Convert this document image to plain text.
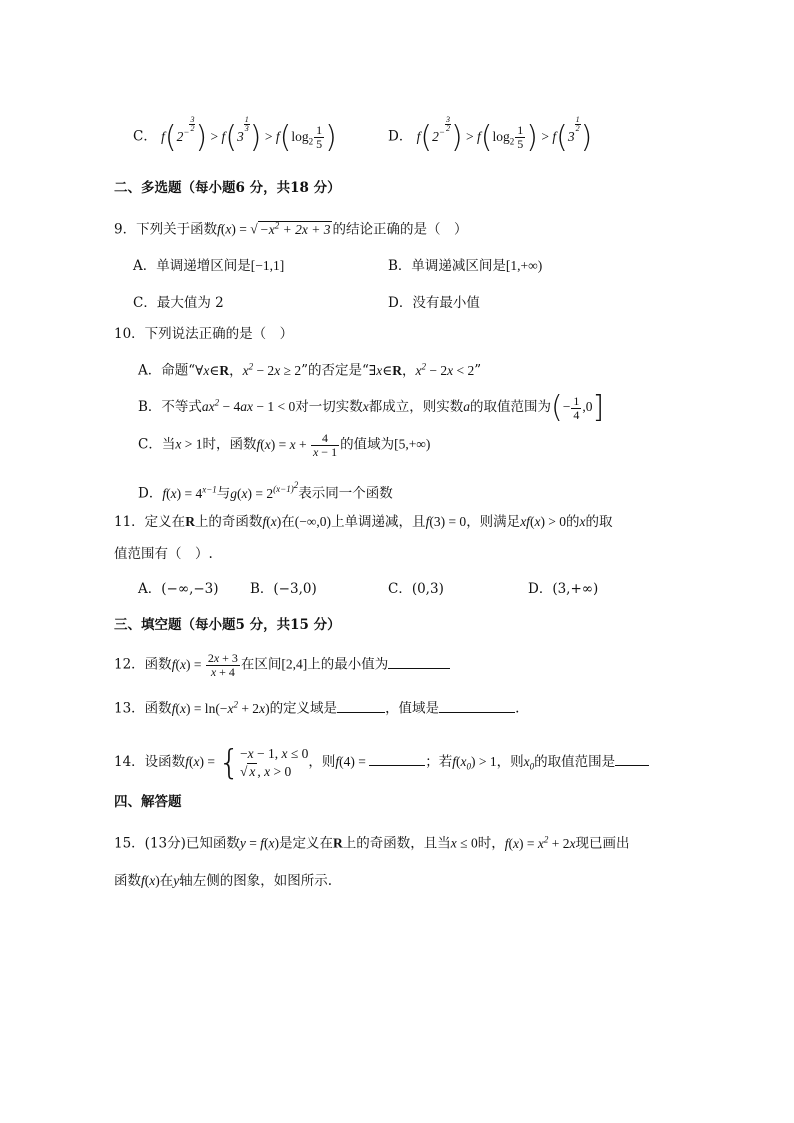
C． $f(2^{- \frac{3}{2}}$ ) > f(3
$^{\frac{1}{3}}$ ) > $f(\log_2 \frac{1}{5}$ )	D． $f(2^{- \frac{3}{2}}$ ) > $f(\log_2 \frac{1}{5}$ ) > f(3
$^{\frac{1}{2}}$ )
二、多选题（每小题6 分，共18 分）
9．下列关于函数f(x) = √ $-x^2 + 2x + 3$ 的结论正确的是（　）
A．单调递增区间是[−1,1]	B．单调递减区间是[1,+∞)
C．最大值为 2	D．没有最小值
10．下列说法正确的是（　）
A．命题“∀x∈R，$x^2 - 2x \ge 2$”的否定是“∃x∈R，$x^2 - 2x < 2$”
B．不等式$ax^2 - 4ax - 1 < 0$对一切实数x都成立，则实数a的取值范围为(− $\frac{1}{4} ,0$]
C．当x > 1时，函数$f(x) = x + \frac{4}{x - 1}$ 的值域为[5,+∞)
D．$f(x) = 4^{x-1}$与$g(x) = 2^{(x-1)^2}$表示同一个函数
11．定义在R上的奇函数f(x)在(−∞,0)上单调递减，且f(3) = 0，则满足xf(x) > 0的x的取
值范围有（　）.
A．(−∞,−3) B．(−3,0)	C．(0,3)	D．(3,+∞)
三、填空题（每小题5 分，共15 分）
12．函数$f(x) = \frac{2x + 3}{x + 4}$ 在区间[2,4]上的最小值为
13．函数$f(x) = \ln(-x^2 + 2x)$的定义域是	，值域是	.
14．设函数f(x) = { −x − 1, x ≤ 0
√ x , x > 0
，则f(4) =	；若$f(x_0) > 1$，则$x_0$的取值范围是
四、解答题
15．(13分)已知函数y = f(x)是定义在R上的奇函数，且当x ≤ 0时，$f(x) = x^2 + 2x$现已画出
函数f(x)在y轴左侧的图象，如图所示.
